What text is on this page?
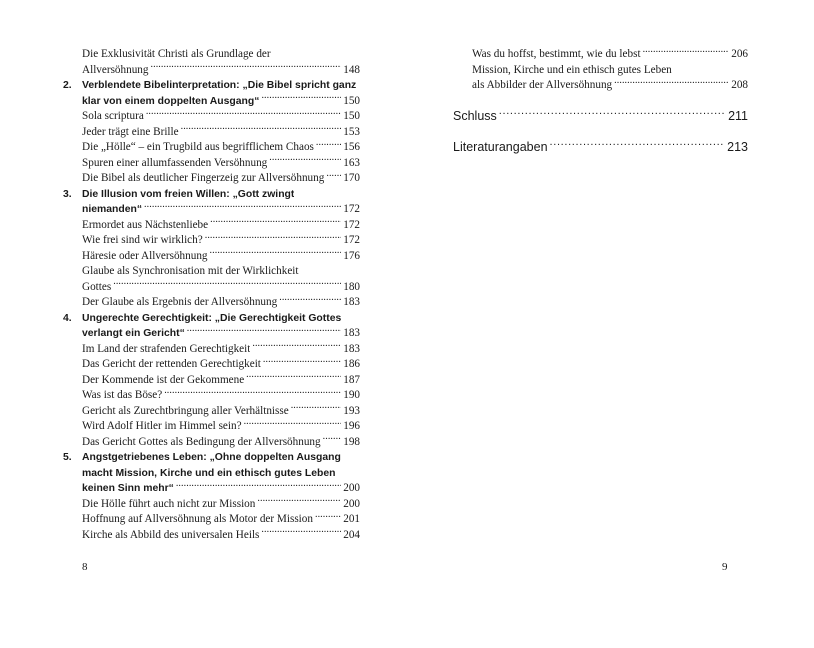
Die Exklusivität Christi als Grundlage der
Allversöhnung . . .	148
2. Verblendete Bibelinterpretation: „Die Bibel spricht ganz
klar von einem doppelten Ausgang“ . . .	150
Sola scriptura . . .	150
Jeder trägt eine Brille . . .	153
Die „Hölle“ – ein Trugbild aus begrifflichem Chaos . . .	156
Spuren einer allumfassenden Versöhnung . . .	163
Die Bibel als deutlicher Fingerzeig zur Allversöhnung . . . 170
3. Die Illusion vom freien Willen: „Gott zwingt
niemanden“ . . .	172
Ermordet aus Nächstenliebe . . .	172
Wie frei sind wir wirklich? . . .	172
Häresie oder Allversöhnung . . .	176
Glaube als Synchronisation mit der Wirklichkeit
Gottes . . .	180
Der Glaube als Ergebnis der Allversöhnung . . .	183
4. Ungerechte Gerechtigkeit: „Die Gerechtigkeit Gottes
verlangt ein Gericht“ . . .	183
Im Land der strafenden Gerechtigkeit . . .	183
Das Gericht der rettenden Gerechtigkeit . . .	186
Der Kommende ist der Gekommene . . .	187
Was ist das Böse? . . .	190
Gericht als Zurechtbringung aller Verhältnisse . . .	193
Wird Adolf Hitler im Himmel sein? . . .	196
Das Gericht Gottes als Bedingung der Allversöhnung . . . 198
5. Angstgetriebenes Leben: „Ohne doppelten Ausgang
macht Mission, Kirche und ein ethisch gutes Leben
keinen Sinn mehr“ . . .	200
Die Hölle führt auch nicht zur Mission . . .	200
Hoffnung auf Allversöhnung als Motor der Mission . . .	201
Kirche als Abbild des universalen Heils . . .	204
8
Was du hoffst, bestimmt, wie du lebst . . .	206
Mission, Kirche und ein ethisch gutes Leben
als Abbilder der Allversöhnung . . .	208
Schluss . . .	211
Literaturangaben . . .	213
9
